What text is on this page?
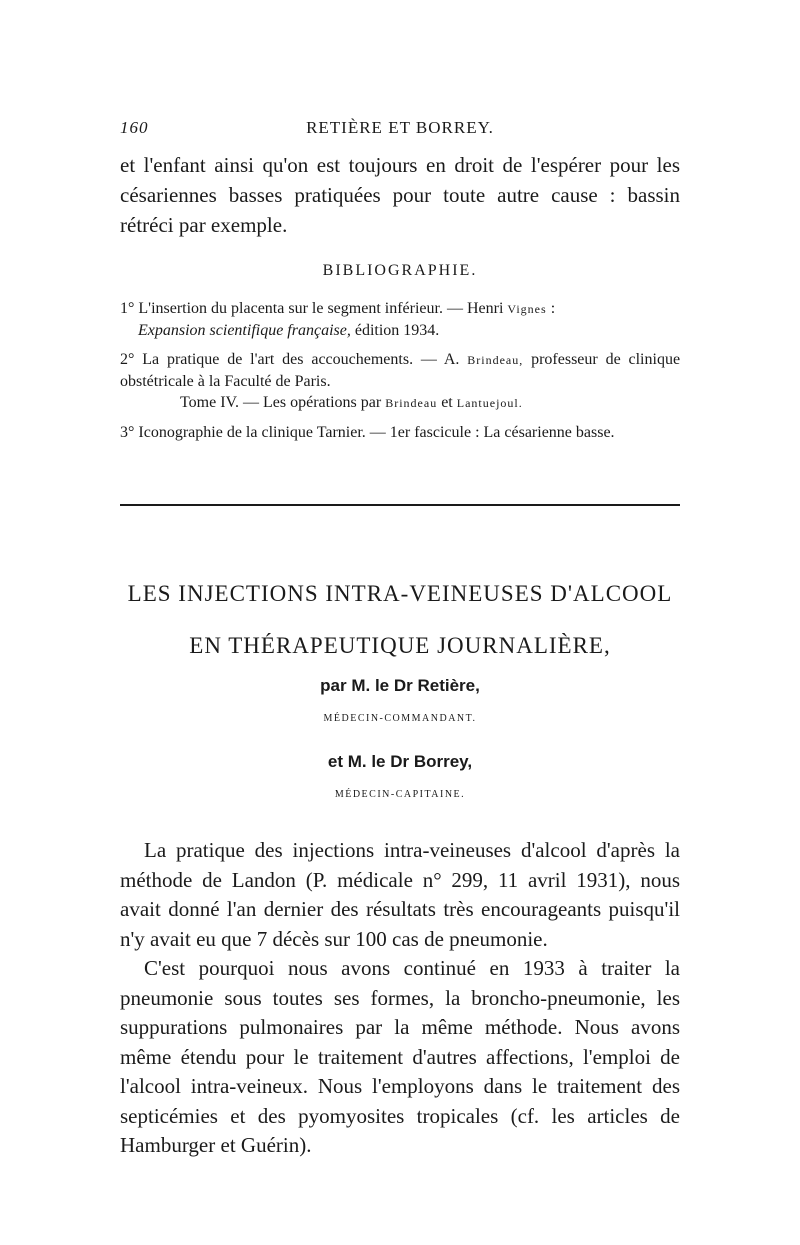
160	RETIÈRE ET BORREY.
et l'enfant ainsi qu'on est toujours en droit de l'espérer pour les césariennes basses pratiquées pour toute autre cause : bassin rétréci par exemple.
BIBLIOGRAPHIE.
1° L'insertion du placenta sur le segment inférieur. — Henri Vignes :
Expansion scientifique française, édition 1934.
2° La pratique de l'art des accouchements. — A. Brindeau, professeur de clinique obstétricale à la Faculté de Paris.
Tome IV. — Les opérations par Brindeau et Lantuejoul.
3° Iconographie de la clinique Tarnier. — 1er fascicule : La césarienne basse.
LES INJECTIONS INTRA-VEINEUSES D'ALCOOL
EN THÉRAPEUTIQUE JOURNALIÈRE,
par M. le Dr Retière,
MÉDECIN-COMMANDANT.
et M. le Dr Borrey,
MÉDECIN-CAPITAINE.

La pratique des injections intra-veineuses d'alcool d'après la méthode de Landon (P. médicale n° 299, 11 avril 1931), nous avait donné l'an dernier des résultats très encourageants puisqu'il n'y avait eu que 7 décès sur 100 cas de pneumonie.

C'est pourquoi nous avons continué en 1933 à traiter la pneumonie sous toutes ses formes, la broncho-pneumonie, les suppurations pulmonaires par la même méthode. Nous avons même étendu pour le traitement d'autres affections, l'emploi de l'alcool intra-veineux. Nous l'employons dans le traitement des septicémies et des pyomyosites tropicales (cf. les articles de Hamburger et Guérin).
